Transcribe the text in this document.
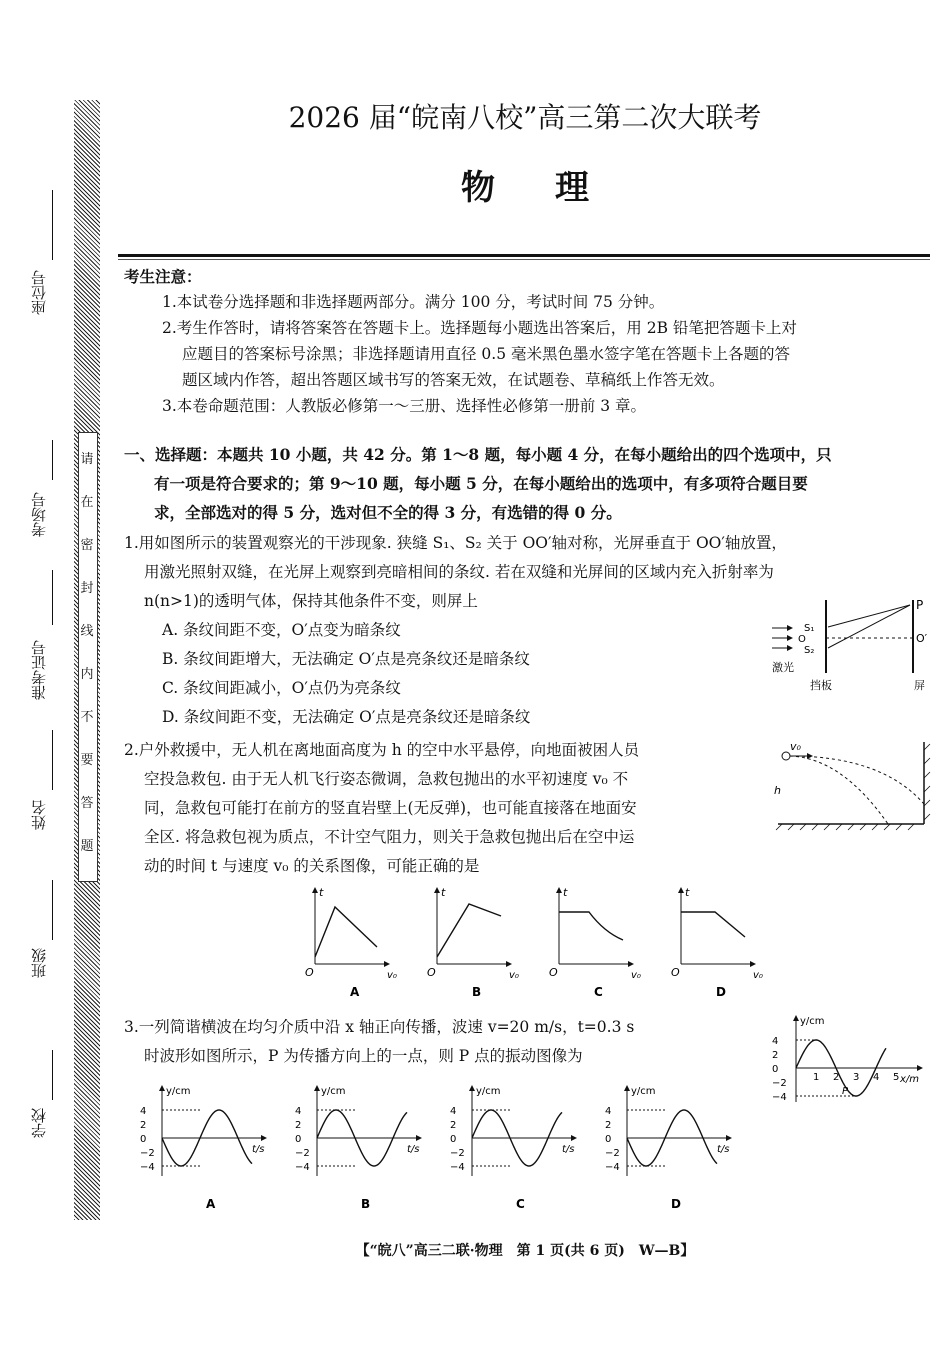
请
在
密
封
线
内
不
要
答
题
座位号
考场号
准考证号
姓名
班级
学校
2026 届“皖南八校”高三第二次大联考
物理
考生注意：
1.本试卷分选择题和非选择题两部分。满分 100 分，考试时间 75 分钟。
2.考生作答时，请将答案答在答题卡上。选择题每小题选出答案后，用 2B 铅笔把答题卡上对
应题目的答案标号涂黑；非选择题请用直径 0.5 毫米黑色墨水签字笔在答题卡上各题的答
题区域内作答，超出答题区域书写的答案无效，在试题卷、草稿纸上作答无效。
3.本卷命题范围：人教版必修第一～三册、选择性必修第一册前 3 章。
一、选择题：本题共 10 小题，共 42 分。第 1～8 题，每小题 4 分，在每小题给出的四个选项中，只
有一项是符合要求的；第 9～10 题，每小题 5 分，在每小题给出的选项中，有多项符合题目要
求，全部选对的得 5 分，选对但不全的得 3 分，有选错的得 0 分。
1.用如图所示的装置观察光的干涉现象. 狭缝 S₁、S₂ 关于 OO′轴对称，光屏垂直于 OO′轴放置，
用激光照射双缝，在光屏上观察到亮暗相间的条纹. 若在双缝和光屏间的区域内充入折射率为
n(n>1)的透明气体，保持其他条件不变，则屏上
A. 条纹间距不变，O′点变为暗条纹
B. 条纹间距增大，无法确定 O′点是亮条纹还是暗条纹
C. 条纹间距减小，O′点仍为亮条纹
D. 条纹间距不变，无法确定 O′点是亮条纹还是暗条纹
P
S₁
S₂
O	O′
激光
挡板	屏
2.户外救援中，无人机在离地面高度为 h 的空中水平悬停，向地面被困人员
空投急救包. 由于无人机飞行姿态微调，急救包抛出的水平初速度 v₀ 不
同，急救包可能打在前方的竖直岩壁上(无反弹)，也可能直接落在地面安
全区. 将急救包视为质点，不计空气阻力，则关于急救包抛出后在空中运
动的时间 t 与速度 v₀ 的关系图像，可能正确的是
v₀
h
t
O	v₀
A
t
O	v₀
B
t
O	v₀
C
t
O	v₀
D
3.一列简谐横波在均匀介质中沿 x 轴正向传播，波速 v=20 m/s，t=0.3 s
时波形如图所示，P 为传播方向上的一点，则 P 点的振动图像为
y/cm
x/m
4
2
0
−2
−4
1 2 3 4 5
P
y/cm
t/s
4
2
0
−2
−4
A
y/cm
t/s
4
2
0
−2
−4
B
y/cm
t/s
4
2
0
−2
−4
C
y/cm
t/s
4
2
0
−2
−4
D
【“皖八”高三二联·物理　第 1 页(共 6 页)　W—B】
